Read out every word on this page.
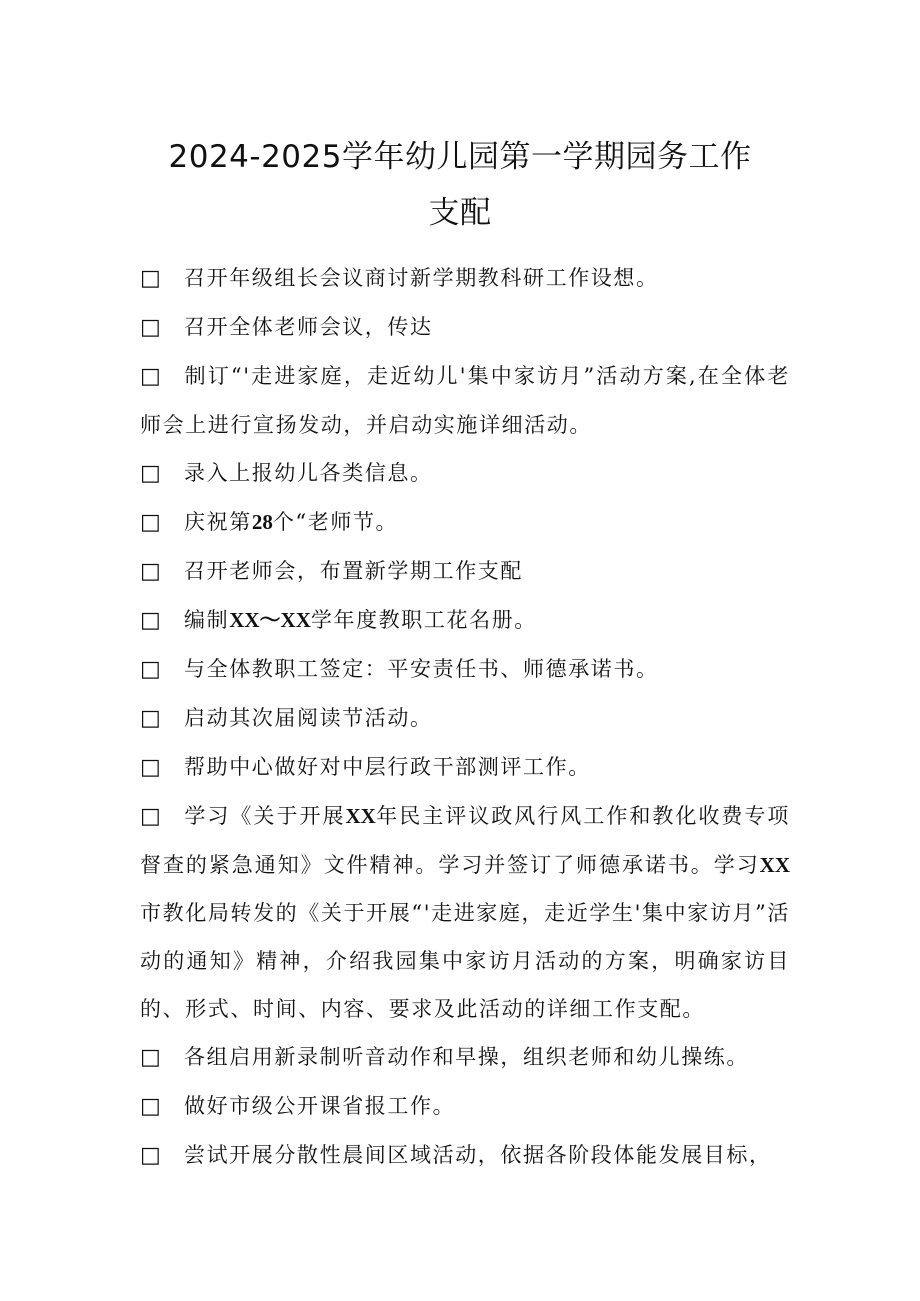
2024-2025学年幼儿园第一学期园务工作
支配

□ 召开年级组长会议商讨新学期教科研工作设想。

□ 召开全体老师会议，传达

□ 制订“'走进家庭，走近幼儿'集中家访月”活动方案,在全体老师会上进行宣扬发动，并启动实施详细活动。

□ 录入上报幼儿各类信息。

□ 庆祝第28个“老师节。

□ 召开老师会，布置新学期工作支配

□ 编制XX～XX学年度教职工花名册。

□ 与全体教职工签定：平安责任书、师德承诺书。

□ 启动其次届阅读节活动。

□ 帮助中心做好对中层行政干部测评工作。

□ 学习《关于开展XX年民主评议政风行风工作和教化收费专项督查的紧急通知》文件精神。学习并签订了师德承诺书。学习XX市教化局转发的《关于开展“'走进家庭，走近学生'集中家访月”活动的通知》精神，介绍我园集中家访月活动的方案，明确家访目的、形式、时间、内容、要求及此活动的详细工作支配。

□ 各组启用新录制听音动作和早操，组织老师和幼儿操练。

□ 做好市级公开课省报工作。

□ 尝试开展分散性晨间区域活动，依据各阶段体能发展目标，
